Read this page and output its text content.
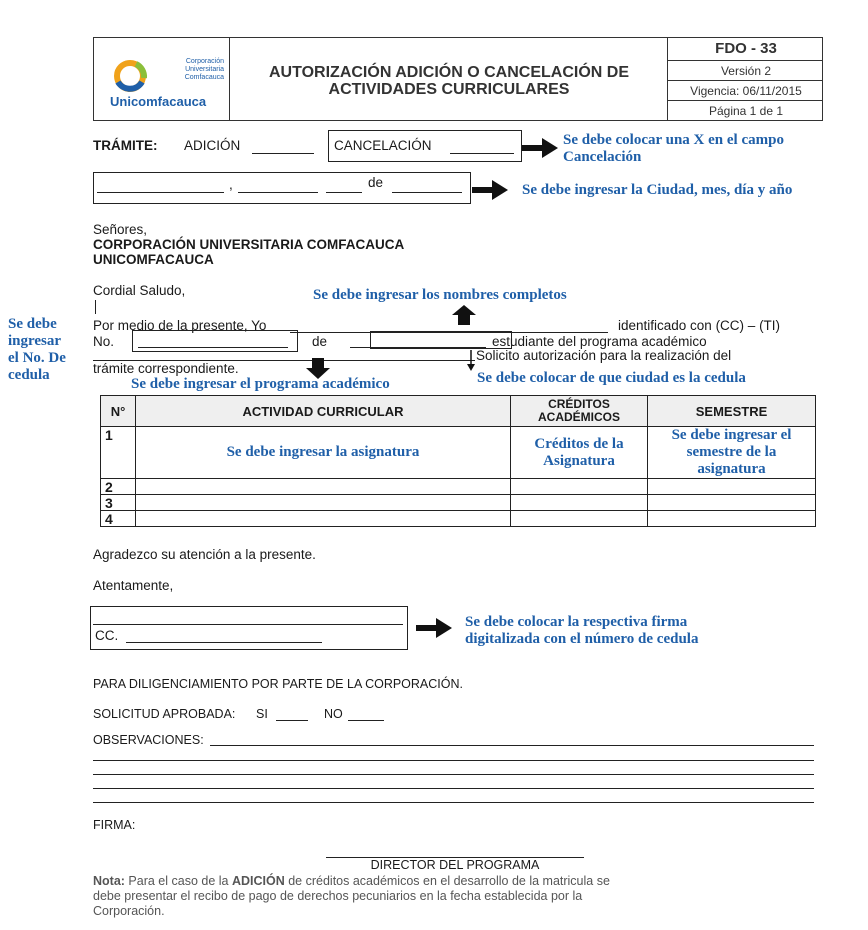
Corporación
Universitaria
Comfacauca
Unicomfacauca
AUTORIZACIÓN ADICIÓN O CANCELACIÓN DE
ACTIVIDADES CURRICULARES
FDO - 33
Versión 2
Vigencia: 06/11/2015
Página 1 de 1
TRÁMITE: ADICIÓN	CANCELACIÓN	Se debe colocar una X en el campo
Cancelación
,	de	Se debe ingresar la Ciudad, mes, día y año
Señores,
CORPORACIÓN UNIVERSITARIA COMFACAUCA
UNICOMFACAUCA
Cordial Saludo,	Se debe ingresar los nombres completos
Se debe
ingresar
el No. De
cedula
Por medio de la presente, Yo	identificado con (CC) – (TI)
No.	de	estudiante del programa académico
Solicito autorización para la realización del
trámite correspondiente.
Se debe ingresar el programa académico	Se debe colocar de que ciudad es la cedula
N°	ACTIVIDAD CURRICULAR	CRÉDITOS ACADÉMICOS	SEMESTRE
1	Se debe ingresar la asignatura	Créditos de la Asignatura	Se debe ingresar el semestre de la asignatura
2			
3			
4			
Agradezco su atención a la presente.
Atentamente,
CC.
Se debe colocar la respectiva firma
digitalizada con el número de cedula
PARA DILIGENCIAMIENTO POR PARTE DE LA CORPORACIÓN.
SOLICITUD APROBADA: SI	NO
OBSERVACIONES:
FIRMA:
DIRECTOR DEL PROGRAMA
Nota: Para el caso de la ADICIÓN de créditos académicos en el desarrollo de la matricula se
debe presentar el recibo de pago de derechos pecuniarios en la fecha establecida por la
Corporación.
